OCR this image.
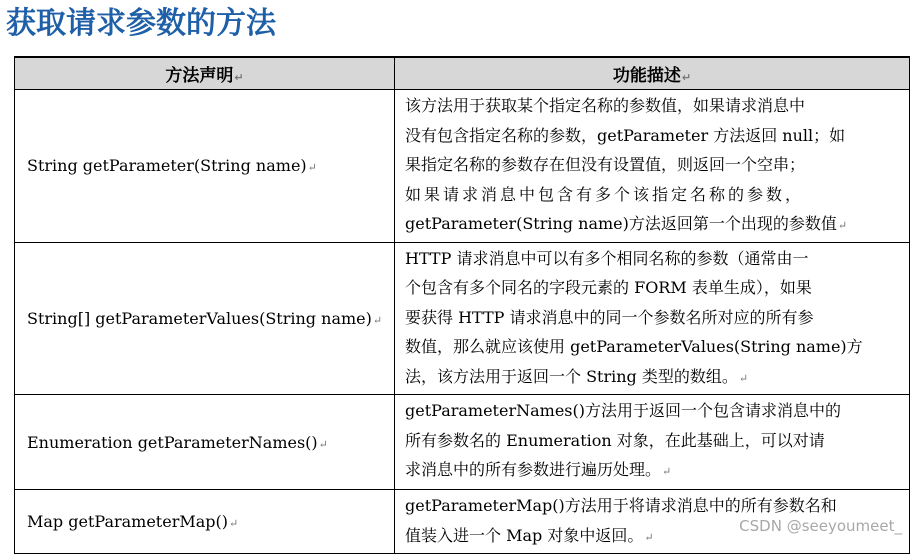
获取请求参数的方法
方法声明↵	功能描述↵
String getParameter(String name)↵	该方法用于获取某个指定名称的参数值，如果请求消息中
没有包含指定名称的参数，getParameter 方法返回 null；如
果指定名称的参数存在但没有设置值，则返回一个空串；
如果请求消息中包含有多个该指定名称的参数，
getParameter(String name)方法返回第一个出现的参数值↵

String[] getParameterValues(String name)↵	HTTP 请求消息中可以有多个相同名称的参数（通常由一
个包含有多个同名的字段元素的 FORM 表单生成），如果
要获得 HTTP 请求消息中的同一个参数名所对应的所有参
数值，那么就应该使用 getParameterValues(String name)方
法，该方法用于返回一个 String 类型的数组。↵

Enumeration getParameterNames()↵	getParameterNames()方法用于返回一个包含请求消息中的
所有参数名的 Enumeration 对象，在此基础上，可以对请
求消息中的所有参数进行遍历处理。↵

Map getParameterMap()↵	getParameterMap()方法用于将请求消息中的所有参数名和
值装入进一个 Map 对象中返回。↵
CSDN @seeyoumeet_
